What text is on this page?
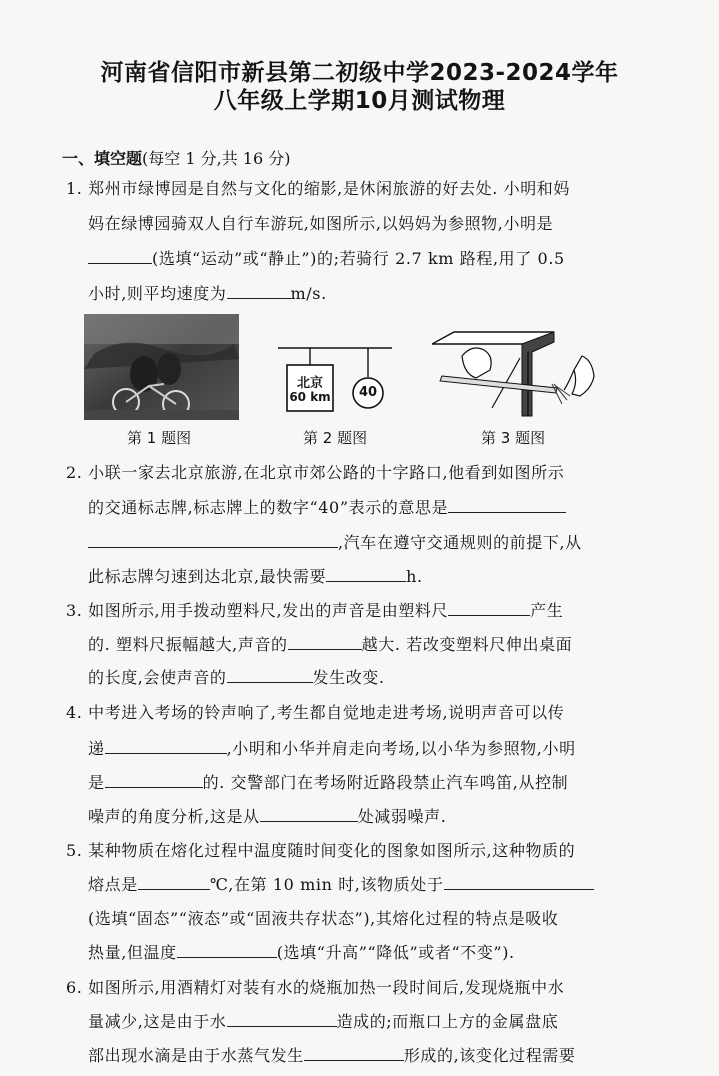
河南省信阳市新县第二初级中学2023-2024学年
八年级上学期10月测试物理
一、填空题(每空 1 分,共 16 分)
1. 郑州市绿博园是自然与文化的缩影,是休闲旅游的好去处. 小明和妈
妈在绿博园骑双人自行车游玩,如图所示,以妈妈为参照物,小明是
(选填“运动”或“静止”)的;若骑行 2.7 km 路程,用了 0.5
小时,则平均速度为	m/s.
北京
60 km	40
第 1 题图	第 2 题图	第 3 题图
2. 小联一家去北京旅游,在北京市郊公路的十字路口,他看到如图所示
的交通标志牌,标志牌上的数字“40”表示的意思是
,汽车在遵守交通规则的前提下,从
此标志牌匀速到达北京,最快需要	h.
3. 如图所示,用手拨动塑料尺,发出的声音是由塑料尺	产生
的. 塑料尺振幅越大,声音的	越大. 若改变塑料尺伸出桌面
的长度,会使声音的	发生改变.
4. 中考进入考场的铃声响了,考生都自觉地走进考场,说明声音可以传
递	,小明和小华并肩走向考场,以小华为参照物,小明
是	的. 交警部门在考场附近路段禁止汽车鸣笛,从控制
噪声的角度分析,这是从	处减弱噪声.
5. 某种物质在熔化过程中温度随时间变化的图象如图所示,这种物质的
熔点是	℃,在第 10 min 时,该物质处于
(选填“固态”“液态”或“固液共存状态”),其熔化过程的特点是吸收
热量,但温度	(选填“升高”“降低”或者“不变”).
6. 如图所示,用酒精灯对装有水的烧瓶加热一段时间后,发现烧瓶中水
量减少,这是由于水	造成的;而瓶口上方的金属盘底
部出现水滴是由于水蒸气发生	形成的,该变化过程需要
